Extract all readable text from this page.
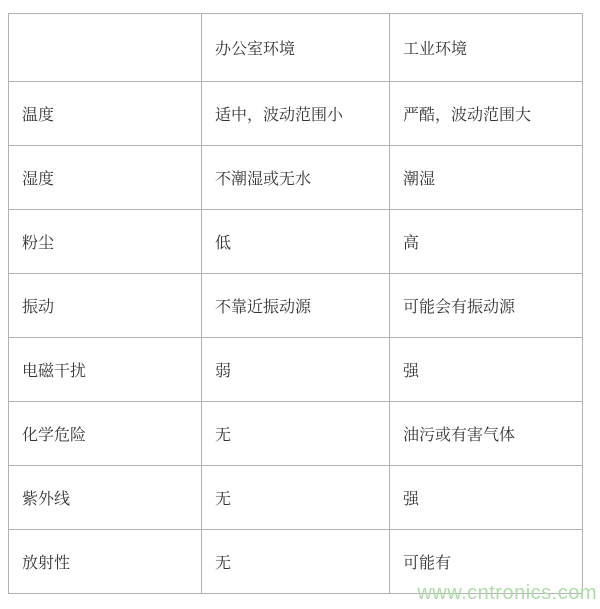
	办公室环境	工业环境
温度	适中，波动范围小	严酷，波动范围大
湿度	不潮湿或无水	潮湿
粉尘	低	高
振动	不靠近振动源	可能会有振动源
电磁干扰	弱	强
化学危险	无	油污或有害气体
紫外线	无	强
放射性	无	可能有
www.cntronics.com
